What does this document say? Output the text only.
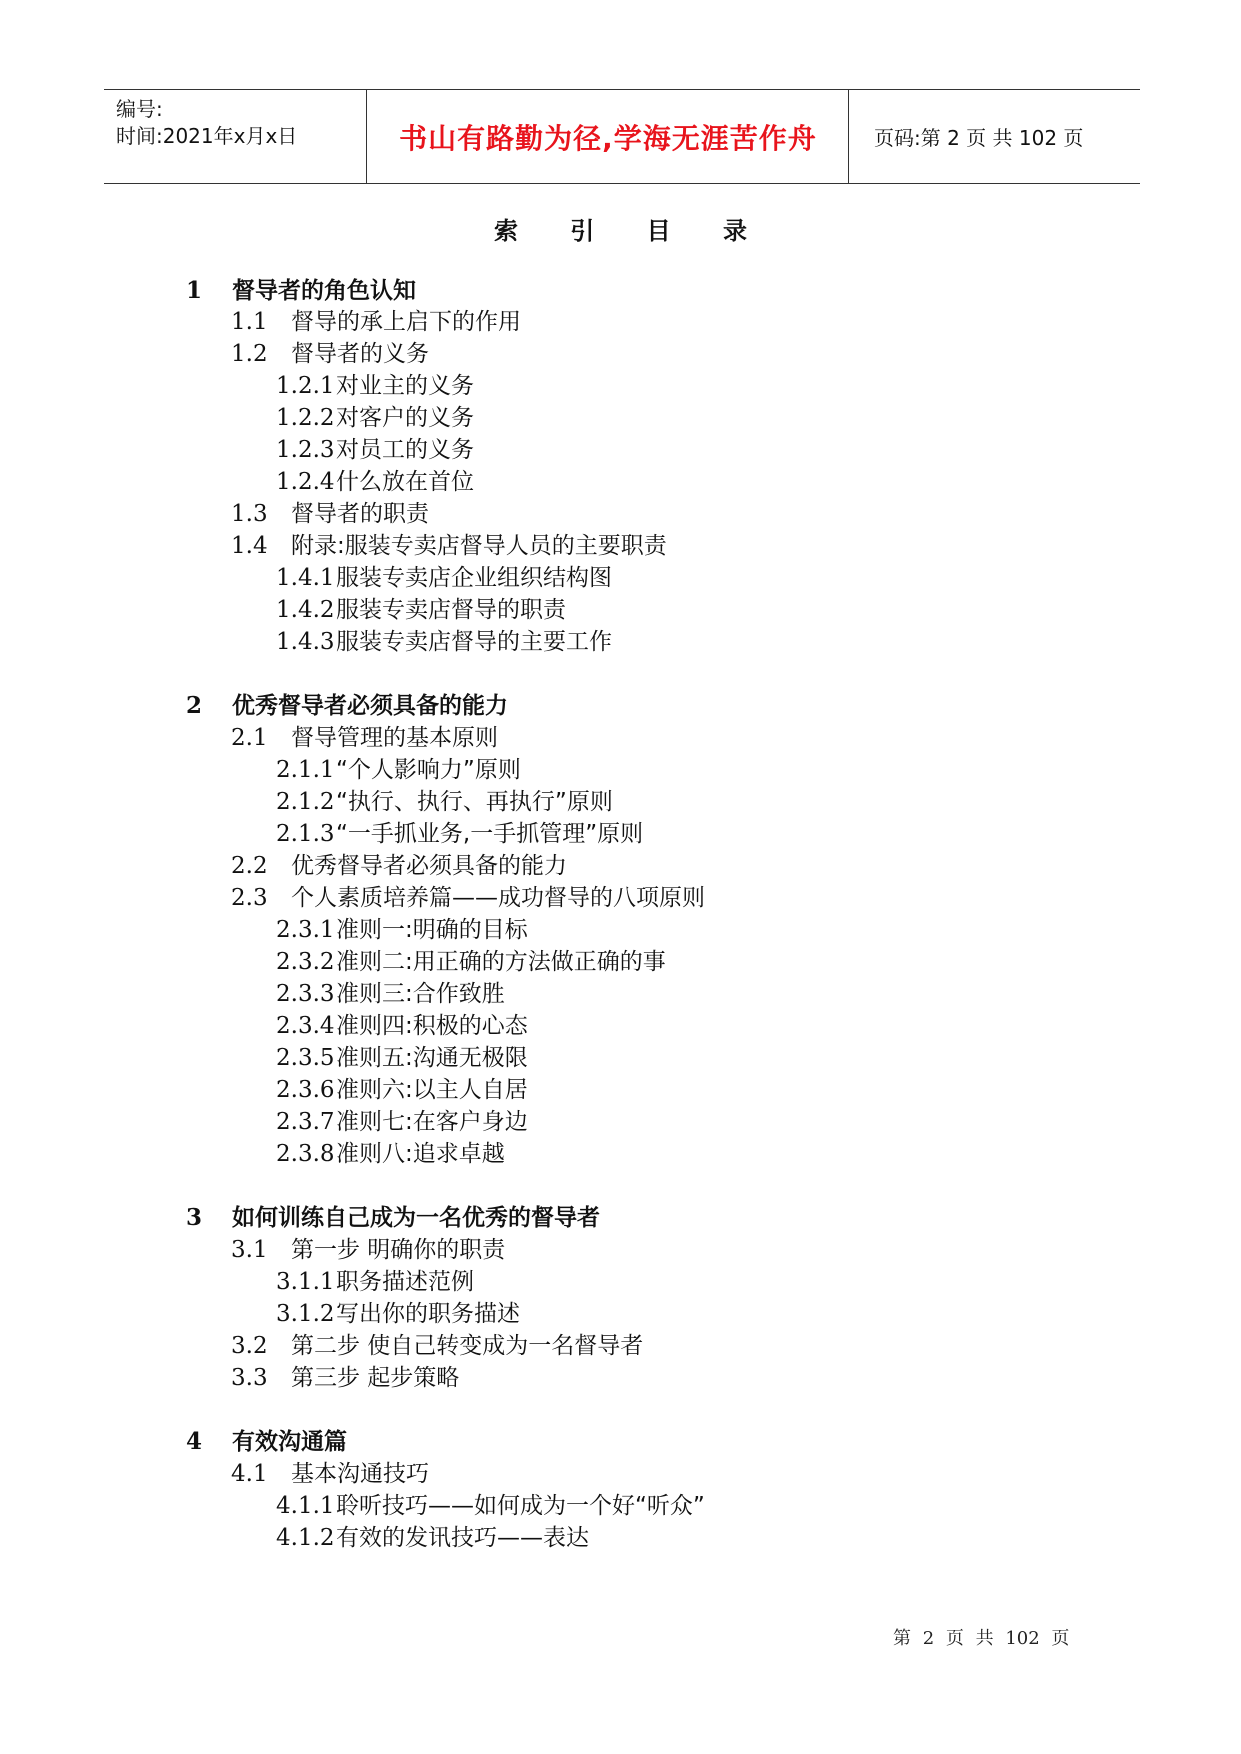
编号:
时间:2021年x月x日	书山有路勤为径,学海无涯苦作舟	页码:第 2 页 共 102 页
索 引 目 录
1 督导者的角色认知
1.1 督导的承上启下的作用
1.2 督导者的义务
1.2.1对业主的义务
1.2.2对客户的义务
1.2.3对员工的义务
1.2.4什么放在首位
1.3 督导者的职责
1.4 附录:服装专卖店督导人员的主要职责
1.4.1服装专卖店企业组织结构图
1.4.2服装专卖店督导的职责
1.4.3服装专卖店督导的主要工作
2 优秀督导者必须具备的能力
2.1 督导管理的基本原则
2.1.1“个人影响力”原则
2.1.2“执行、执行、再执行”原则
2.1.3“一手抓业务,一手抓管理”原则
2.2 优秀督导者必须具备的能力
2.3 个人素质培养篇——成功督导的八项原则
2.3.1准则一:明确的目标
2.3.2准则二:用正确的方法做正确的事
2.3.3准则三:合作致胜
2.3.4准则四:积极的心态
2.3.5准则五:沟通无极限
2.3.6准则六:以主人自居
2.3.7准则七:在客户身边
2.3.8准则八:追求卓越
3 如何训练自己成为一名优秀的督导者
3.1 第一步 明确你的职责
3.1.1职务描述范例
3.1.2写出你的职务描述
3.2 第二步 使自己转变成为一名督导者
3.3 第三步 起步策略
4 有效沟通篇
4.1 基本沟通技巧
4.1.1聆听技巧——如何成为一个好“听众”
4.1.2有效的发讯技巧——表达
第 2 页 共 102 页
